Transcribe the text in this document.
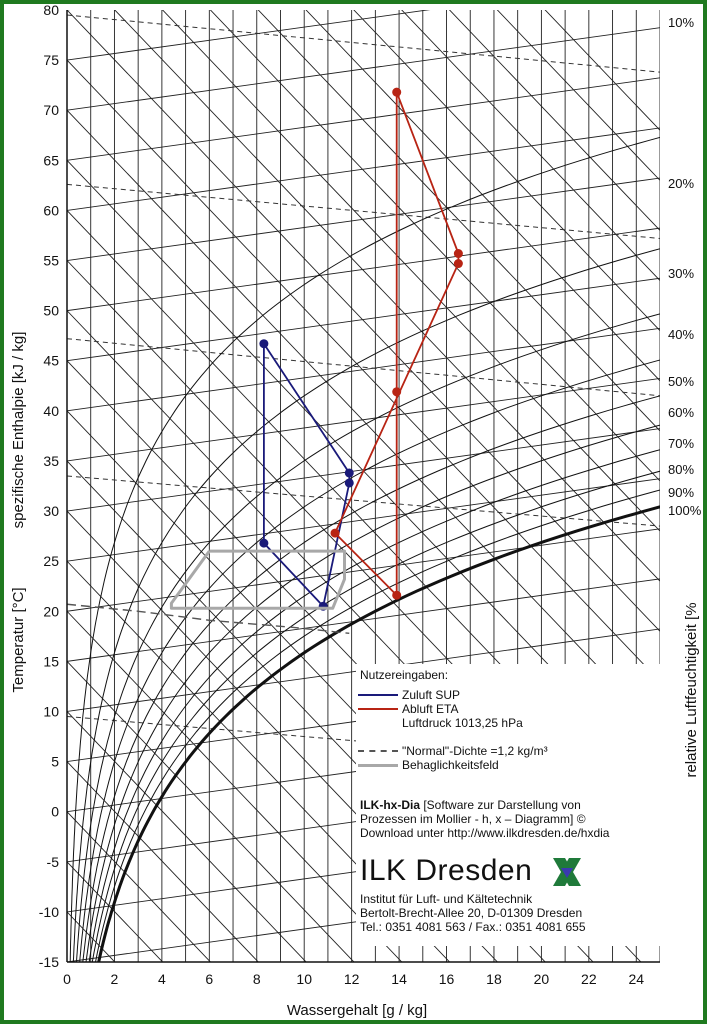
80
75
70
65
60
55
50
45
40
35
30
25
20
15
10
5
0
-5
-10
-15
0	2	4	6	8	10 12 14 16 18 20 22 24
10%
20%
30%
40%
50%
60%
70%
80%
90%
100%
Wassergehalt [g / kg]
Temperatur [°C]
spezifische Enthalpie [kJ / kg]
relative Luftfeuchtigkeit [%
Nutzereingaben:
Zuluft SUP
Abluft ETA
Luftdruck 1013,25 hPa
"Normal"-Dichte =1,2 kg/m³
Behaglichkeitsfeld
ILK-hx-Dia [Software zur Darstellung von
Prozessen im Mollier - h, x – Diagramm] ©
Download unter http://www.ilkdresden.de/hxdia
ILK Dresden
Institut für Luft- und Kältetechnik
Bertolt-Brecht-Allee 20, D-01309 Dresden
Tel.: 0351 4081 563 / Fax.: 0351 4081 655
